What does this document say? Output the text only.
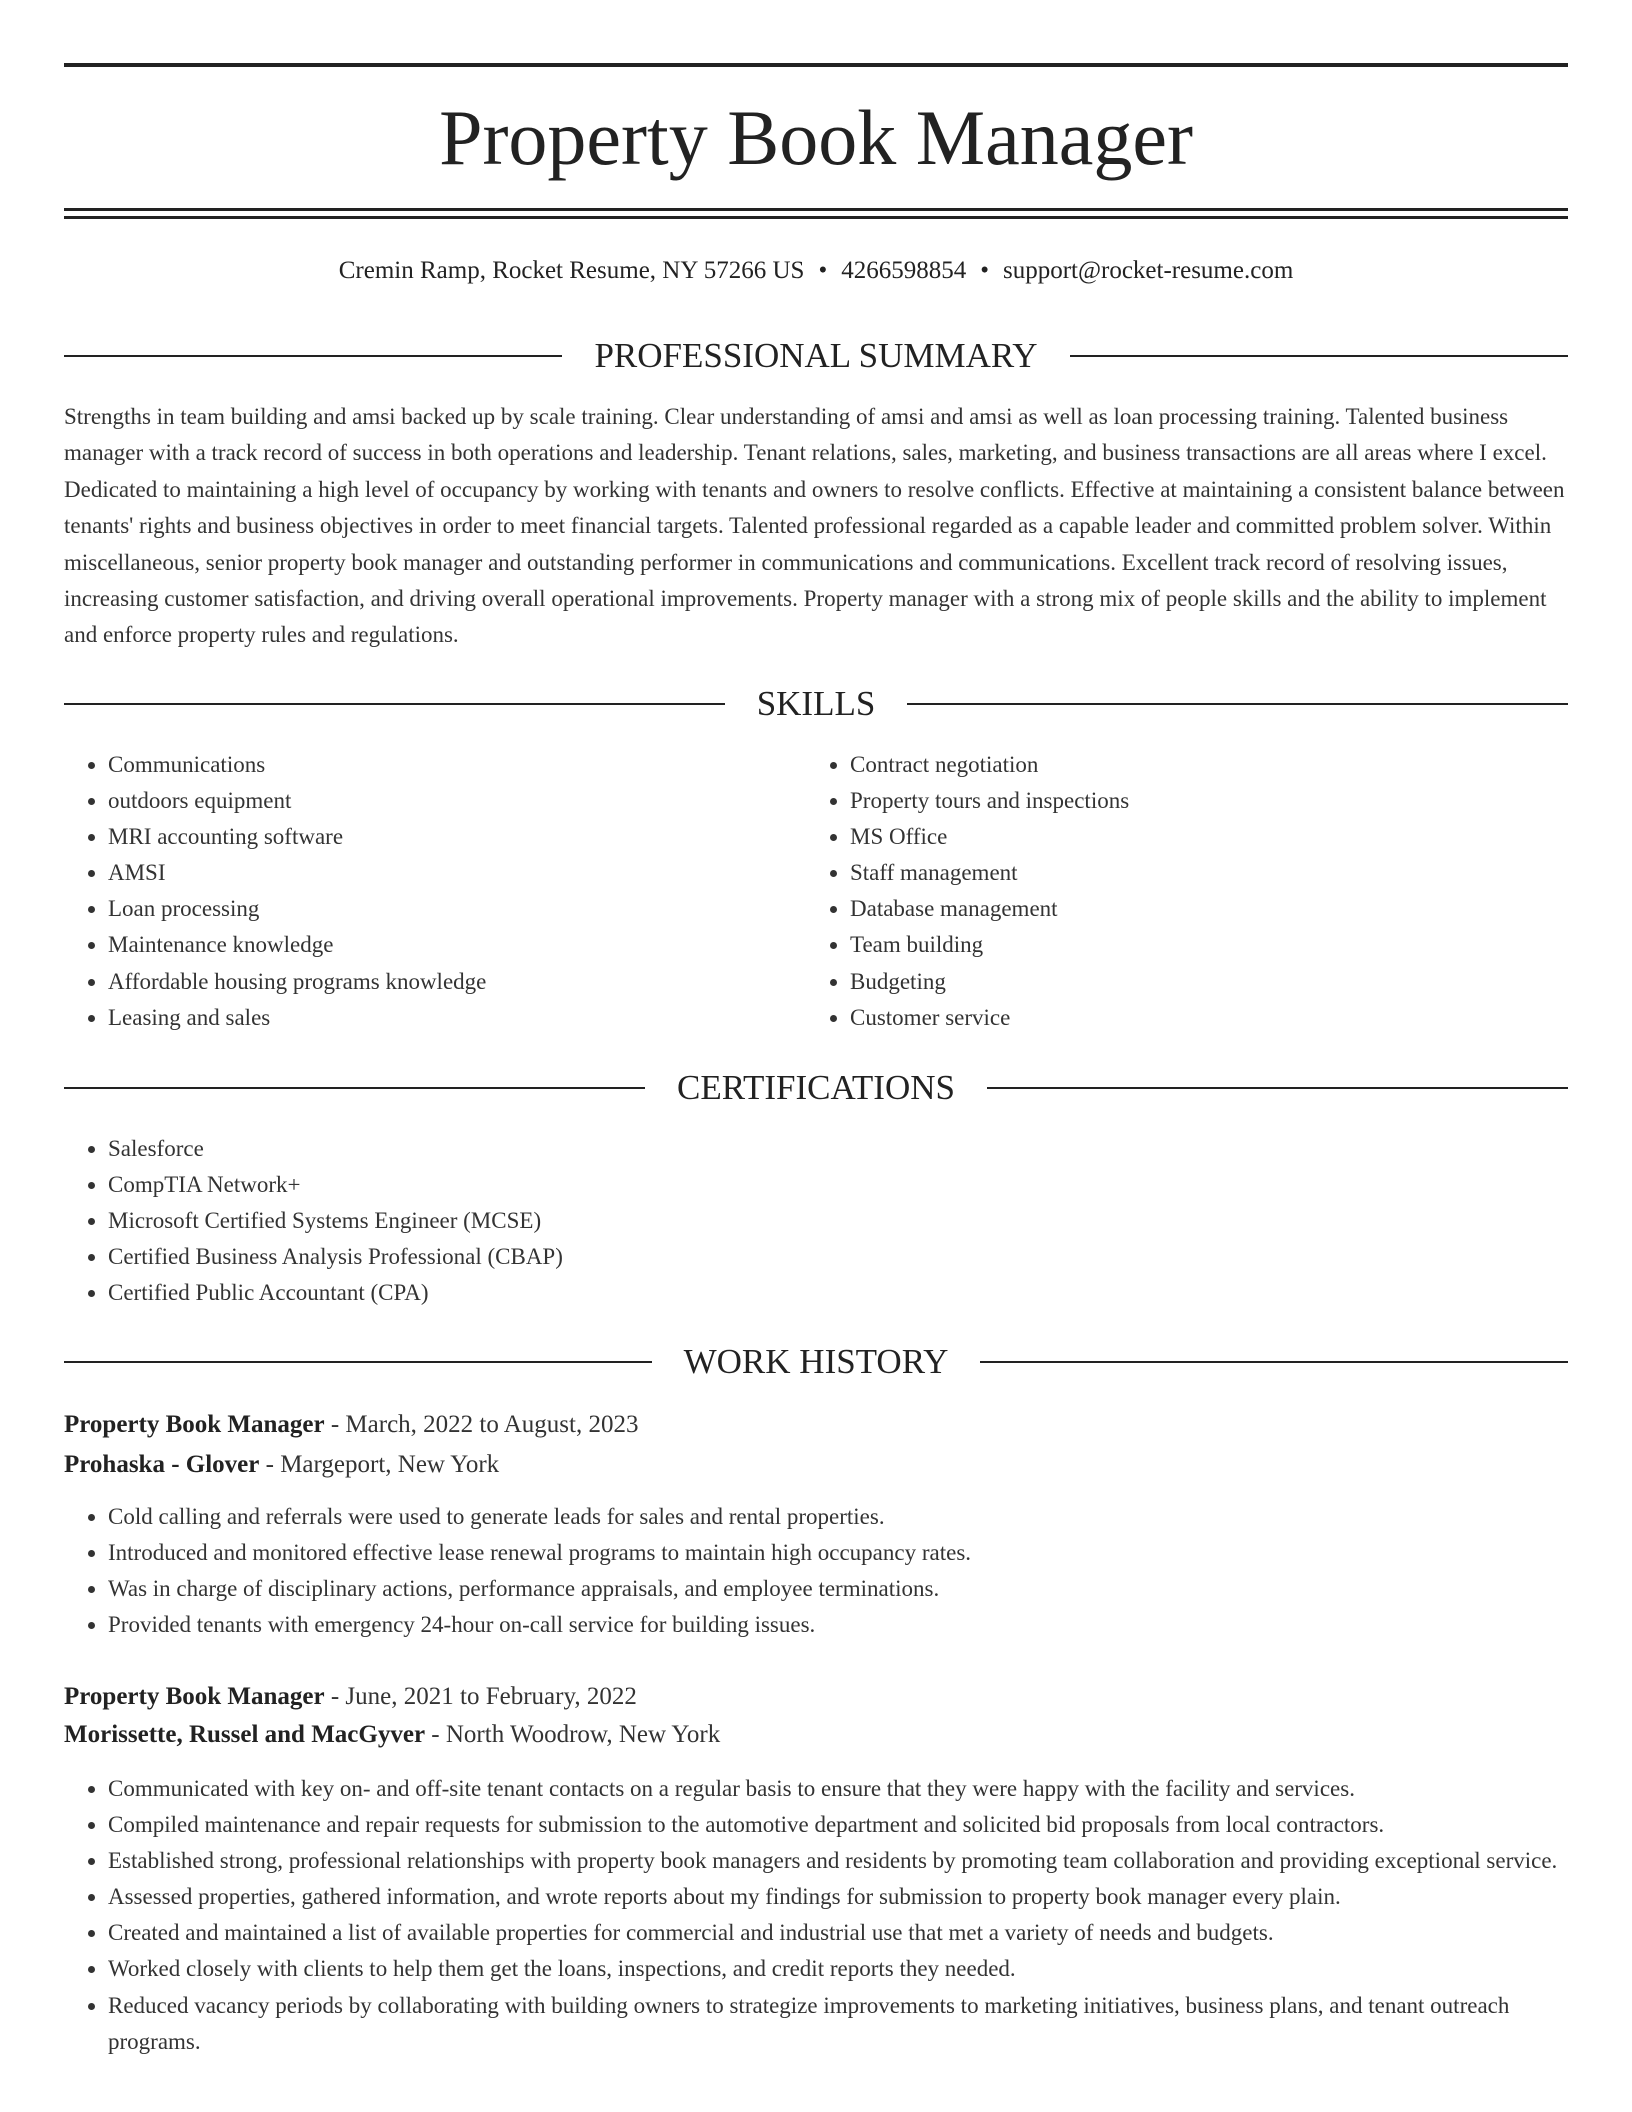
Property Book Manager
Cremin Ramp, Rocket Resume, NY 57266 US • 4266598854 • support@rocket-resume.com
PROFESSIONAL SUMMARY

Strengths in team building and amsi backed up by scale training. Clear understanding of amsi and amsi as well as loan processing training. Talented business manager with a track record of success in both operations and leadership. Tenant relations, sales, marketing, and business transactions are all areas where I excel. Dedicated to maintaining a high level of occupancy by working with tenants and owners to resolve conflicts. Effective at maintaining a consistent balance between tenants' rights and business objectives in order to meet financial targets. Talented professional regarded as a capable leader and committed problem solver. Within miscellaneous, senior property book manager and outstanding performer in communications and communications. Excellent track record of resolving issues, increasing customer satisfaction, and driving overall operational improvements. Property manager with a strong mix of people skills and the ability to implement and enforce property rules and regulations.

SKILLS
• Communications
• outdoors equipment
• MRI accounting software
• AMSI
• Loan processing
• Maintenance knowledge
• Affordable housing programs knowledge
• Leasing and sales
• Contract negotiation
• Property tours and inspections
• MS Office
• Staff management
• Database management
• Team building
• Budgeting
• Customer service
CERTIFICATIONS
• Salesforce
• CompTIA Network+
• Microsoft Certified Systems Engineer (MCSE)
• Certified Business Analysis Professional (CBAP)
• Certified Public Accountant (CPA)
WORK HISTORY
Property Book Manager - March, 2022 to August, 2023
Prohaska - Glover - Margeport, New York
• Cold calling and referrals were used to generate leads for sales and rental properties.
• Introduced and monitored effective lease renewal programs to maintain high occupancy rates.
• Was in charge of disciplinary actions, performance appraisals, and employee terminations.
• Provided tenants with emergency 24-hour on-call service for building issues.
Property Book Manager - June, 2021 to February, 2022
Morissette, Russel and MacGyver - North Woodrow, New York
• Communicated with key on- and off-site tenant contacts on a regular basis to ensure that they were happy with the facility and services.
• Compiled maintenance and repair requests for submission to the automotive department and solicited bid proposals from local contractors.
• Established strong, professional relationships with property book managers and residents by promoting team collaboration and providing exceptional service.
• Assessed properties, gathered information, and wrote reports about my findings for submission to property book manager every plain.
• Created and maintained a list of available properties for commercial and industrial use that met a variety of needs and budgets.
• Worked closely with clients to help them get the loans, inspections, and credit reports they needed.
• Reduced vacancy periods by collaborating with building owners to strategize improvements to marketing initiatives, business plans, and tenant outreach programs.
